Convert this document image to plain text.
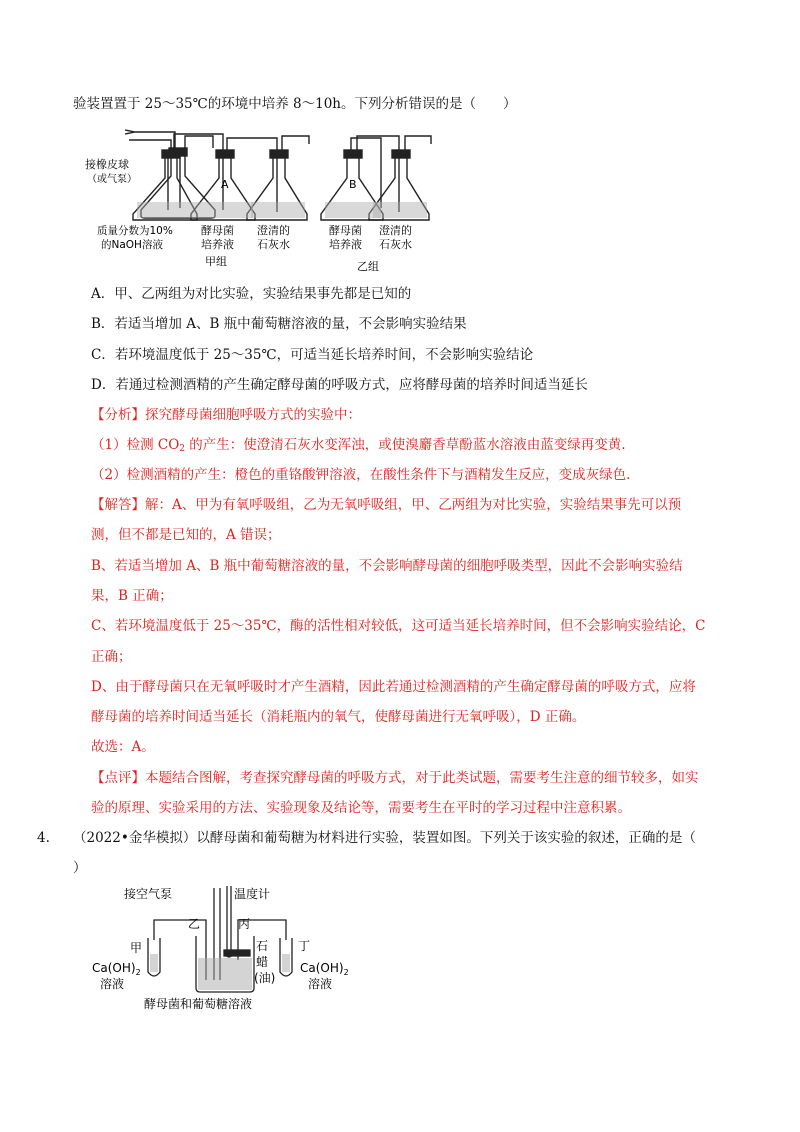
验装置置于 25～35℃的环境中培养 8～10h。下列分析错误的是（　　）
接橡皮球
（或气泵）	A	B
质量分数为10%
的NaOH溶液
酵母菌
培养液
澄清的
石灰水
酵母菌
培养液
澄清的
石灰水
甲组	乙组
A．甲、乙两组为对比实验，实验结果事先都是已知的
B．若适当增加 A、B 瓶中葡萄糖溶液的量，不会影响实验结果
C．若环境温度低于 25～35℃，可适当延长培养时间，不会影响实验结论
D．若通过检测酒精的产生确定酵母菌的呼吸方式，应将酵母菌的培养时间适当延长
【分析】探究酵母菌细胞呼吸方式的实验中：
（1）检测 $CO_2$ 的产生：使澄清石灰水变浑浊，或使溴麝香草酚蓝水溶液由蓝变绿再变黄.
（2）检测酒精的产生：橙色的重铬酸钾溶液，在酸性条件下与酒精发生反应，变成灰绿色.
【解答】解：A、甲为有氧呼吸组，乙为无氧呼吸组，甲、乙两组为对比实验，实验结果事先可以预
测，但不都是已知的，A 错误；
B、若适当增加 A、B 瓶中葡萄糖溶液的量，不会影响酵母菌的细胞呼吸类型，因此不会影响实验结
果，B 正确；
C、若环境温度低于 25～35℃，酶的活性相对较低，这可适当延长培养时间，但不会影响实验结论，C
正确；
D、由于酵母菌只在无氧呼吸时才产生酒精，因此若通过检测酒精的产生确定酵母菌的呼吸方式，应将
酵母菌的培养时间适当延长（消耗瓶内的氧气，使酵母菌进行无氧呼吸），D 正确。
故选：A。
【点评】本题结合图解，考查探究酵母菌的呼吸方式，对于此类试题，需要考生注意的细节较多，如实
验的原理、实验采用的方法、实验现象及结论等，需要考生在平时的学习过程中注意积累。
4. （2022•金华模拟）以酵母菌和葡萄糖为材料进行实验，装置如图。下列关于该实验的叙述，正确的是（
）
接空气泵	温度计
乙	丙
甲	丁
$Ca(OH)_2$
溶液
$Ca(OH)_2$
溶液
石
蜡
(油)
酵母菌和葡萄糖溶液
